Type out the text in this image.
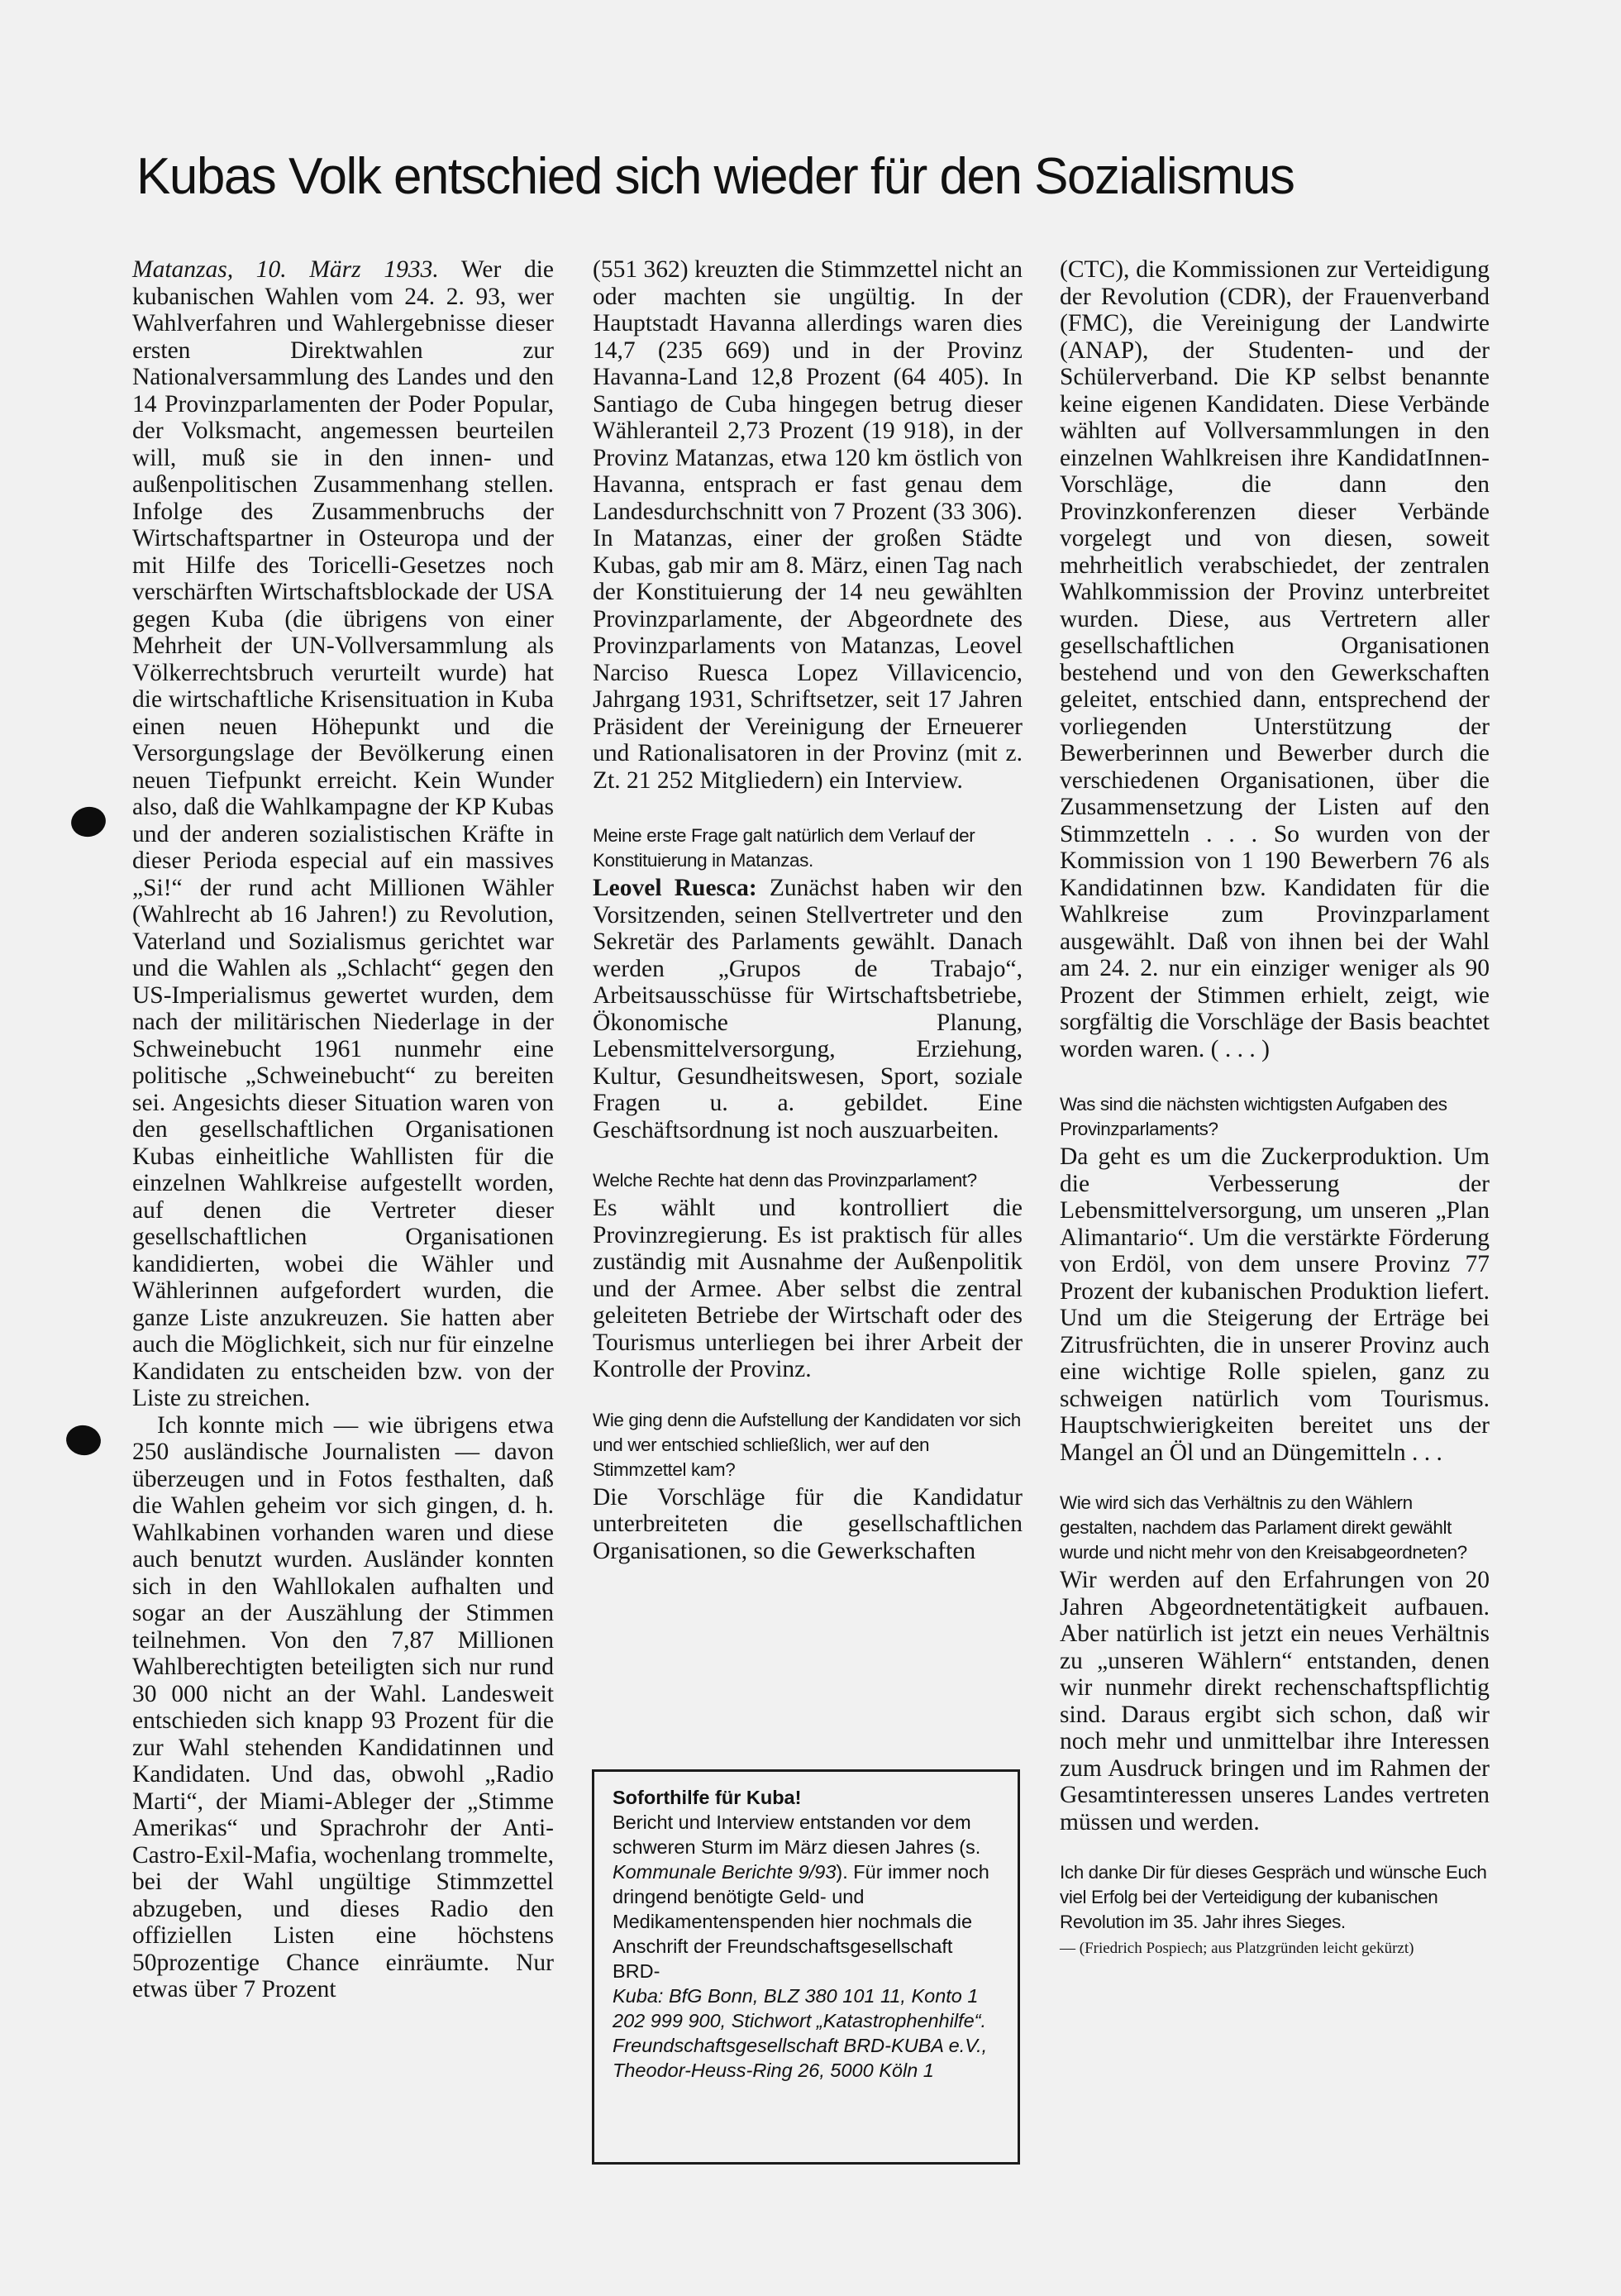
Kubas Volk entschied sich wieder für den Sozialismus

Matanzas, 10. März 1933. Wer die kubanischen Wahlen vom 24. 2. 93, wer Wahlverfahren und Wahlergebnisse dieser ersten Direktwahlen zur Nationalversammlung des Landes und den 14 Provinzparlamenten der Poder Popular, der Volksmacht, angemessen beurteilen will, muß sie in den innen- und außenpolitischen Zusammenhang stellen. Infolge des Zusammenbruchs der Wirtschaftspartner in Osteuropa und der mit Hilfe des Toricelli-Gesetzes noch verschärften Wirtschaftsblockade der USA gegen Kuba (die übrigens von einer Mehrheit der UN-Vollversammlung als Völkerrechtsbruch verurteilt wurde) hat die wirtschaftliche Krisensituation in Kuba einen neuen Höhepunkt und die Versorgungslage der Bevölkerung einen neuen Tiefpunkt erreicht. Kein Wunder also, daß die Wahlkampagne der KP Kubas und der anderen sozialistischen Kräfte in dieser Perioda especial auf ein massives „Si!“ der rund acht Millionen Wähler (Wahlrecht ab 16 Jahren!) zu Revolution, Vaterland und Sozialismus gerichtet war und die Wahlen als „Schlacht“ gegen den US-Imperialismus gewertet wurden, dem nach der militärischen Niederlage in der Schweinebucht 1961 nunmehr eine politische „Schweinebucht“ zu bereiten sei. Angesichts dieser Situation waren von den gesellschaftlichen Organisationen Kubas einheitliche Wahllisten für die einzelnen Wahlkreise aufgestellt worden, auf denen die Vertreter dieser gesellschaftlichen Organisationen kandidierten, wobei die Wähler und Wählerinnen aufgefordert wurden, die ganze Liste anzukreuzen. Sie hatten aber auch die Möglichkeit, sich nur für einzelne Kandidaten zu entscheiden bzw. von der Liste zu streichen.

Ich konnte mich — wie übrigens etwa 250 ausländische Journalisten — davon überzeugen und in Fotos festhalten, daß die Wahlen geheim vor sich gingen, d. h. Wahlkabinen vorhanden waren und diese auch benutzt wurden. Ausländer konnten sich in den Wahllokalen aufhalten und sogar an der Auszählung der Stimmen teilnehmen. Von den 7,87 Millionen Wahlberechtigten beteiligten sich nur rund 30 000 nicht an der Wahl. Landesweit entschieden sich knapp 93 Prozent für die zur Wahl stehenden Kandidatinnen und Kandidaten. Und das, obwohl „Radio Marti“, der Miami-Ableger der „Stimme Amerikas“ und Sprachrohr der Anti-Castro-Exil-Mafia, wochenlang trommelte, bei der Wahl ungültige Stimmzettel abzugeben, und dieses Radio den offiziellen Listen eine höchstens 50prozentige Chance einräumte. Nur etwas über 7 Prozent

(551 362) kreuzten die Stimmzettel nicht an oder machten sie ungültig. In der Hauptstadt Havanna allerdings waren dies 14,7 (235 669) und in der Provinz Havanna-Land 12,8 Prozent (64 405). In Santiago de Cuba hingegen betrug dieser Wähleranteil 2,73 Prozent (19 918), in der Provinz Matanzas, etwa 120 km östlich von Havanna, entsprach er fast genau dem Landesdurchschnitt von 7 Prozent (33 306). In Matanzas, einer der großen Städte Kubas, gab mir am 8. März, einen Tag nach der Konstituierung der 14 neu gewählten Provinzparlamente, der Abgeordnete des Provinzparlaments von Matanzas, Leovel Narciso Ruesca Lopez Villavicencio, Jahrgang 1931, Schriftsetzer, seit 17 Jahren Präsident der Vereinigung der Erneuerer und Rationalisatoren in der Provinz (mit z. Zt. 21 252 Mitgliedern) ein Interview.

Meine erste Frage galt natürlich dem Verlauf der Konstituierung in Matanzas.

Leovel Ruesca: Zunächst haben wir den Vorsitzenden, seinen Stellvertreter und den Sekretär des Parlaments gewählt. Danach werden „Grupos de Trabajo“, Arbeitsausschüsse für Wirtschaftsbetriebe, Ökonomische Planung, Lebensmittelversorgung, Erziehung, Kultur, Gesundheitswesen, Sport, soziale Fragen u. a. gebildet. Eine Geschäftsordnung ist noch auszuarbeiten.

Welche Rechte hat denn das Provinzparlament?

Es wählt und kontrolliert die Provinzregierung. Es ist praktisch für alles zuständig mit Ausnahme der Außenpolitik und der Armee. Aber selbst die zentral geleiteten Betriebe der Wirtschaft oder des Tourismus unterliegen bei ihrer Arbeit der Kontrolle der Provinz.

Wie ging denn die Aufstellung der Kandidaten vor sich und wer entschied schließlich, wer auf den Stimmzettel kam?

Die Vorschläge für die Kandidatur unterbreiteten die gesellschaftlichen Organisationen, so die Gewerkschaften

Soforthilfe für Kuba!

Bericht und Interview entstanden vor dem schweren Sturm im März diesen Jahres (s. Kommunale Berichte 9/93). Für immer noch dringend benötigte Geld- und Medikamentenspenden hier nochmals die Anschrift der Freundschaftsgesellschaft BRD-

Kuba: BfG Bonn, BLZ 380 101 11, Konto 1 202 999 900, Stichwort „Katastrophenhilfe“. Freundschaftsgesellschaft BRD-KUBA e.V., Theodor-Heuss-Ring 26, 5000 Köln 1

(CTC), die Kommissionen zur Verteidigung der Revolution (CDR), der Frauenverband (FMC), die Vereinigung der Landwirte (ANAP), der Studenten- und der Schülerverband. Die KP selbst benannte keine eigenen Kandidaten. Diese Verbände wählten auf Vollversammlungen in den einzelnen Wahlkreisen ihre KandidatInnen-Vorschläge, die dann den Provinzkonferenzen dieser Verbände vorgelegt und von diesen, soweit mehrheitlich verabschiedet, der zentralen Wahlkommission der Provinz unterbreitet wurden. Diese, aus Vertretern aller gesellschaftlichen Organisationen bestehend und von den Gewerkschaften geleitet, entschied dann, entsprechend der vorliegenden Unterstützung der Bewerberinnen und Bewerber durch die verschiedenen Organisationen, über die Zusammensetzung der Listen auf den Stimmzetteln . . . So wurden von der Kommission von 1 190 Bewerbern 76 als Kandidatinnen bzw. Kandidaten für die Wahlkreise zum Provinzparlament ausgewählt. Daß von ihnen bei der Wahl am 24. 2. nur ein einziger weniger als 90 Prozent der Stimmen erhielt, zeigt, wie sorgfältig die Vorschläge der Basis beachtet worden waren. ( . . . )

Was sind die nächsten wichtigsten Aufgaben des Provinzparlaments?

Da geht es um die Zuckerproduktion. Um die Verbesserung der Lebensmittelversorgung, um unseren „Plan Alimantario“. Um die verstärkte Förderung von Erdöl, von dem unsere Provinz 77 Prozent der kubanischen Produktion liefert. Und um die Steigerung der Erträge bei Zitrusfrüchten, die in unserer Provinz auch eine wichtige Rolle spielen, ganz zu schweigen natürlich vom Tourismus. Hauptschwierigkeiten bereitet uns der Mangel an Öl und an Düngemitteln . . .

Wie wird sich das Verhältnis zu den Wählern gestalten, nachdem das Parlament direkt gewählt wurde und nicht mehr von den Kreisabgeordneten?

Wir werden auf den Erfahrungen von 20 Jahren Abgeordnetentätigkeit aufbauen. Aber natürlich ist jetzt ein neues Verhältnis zu „unseren Wählern“ entstanden, denen wir nunmehr direkt rechenschaftspflichtig sind. Daraus ergibt sich schon, daß wir noch mehr und unmittelbar ihre Interessen zum Ausdruck bringen und im Rahmen der Gesamtinteressen unseres Landes vertreten müssen und werden.

Ich danke Dir für dieses Gespräch und wünsche Euch viel Erfolg bei der Verteidigung der kubanischen Revolution im 35. Jahr ihres Sieges.

— (Friedrich Pospiech; aus Platzgründen leicht gekürzt)
